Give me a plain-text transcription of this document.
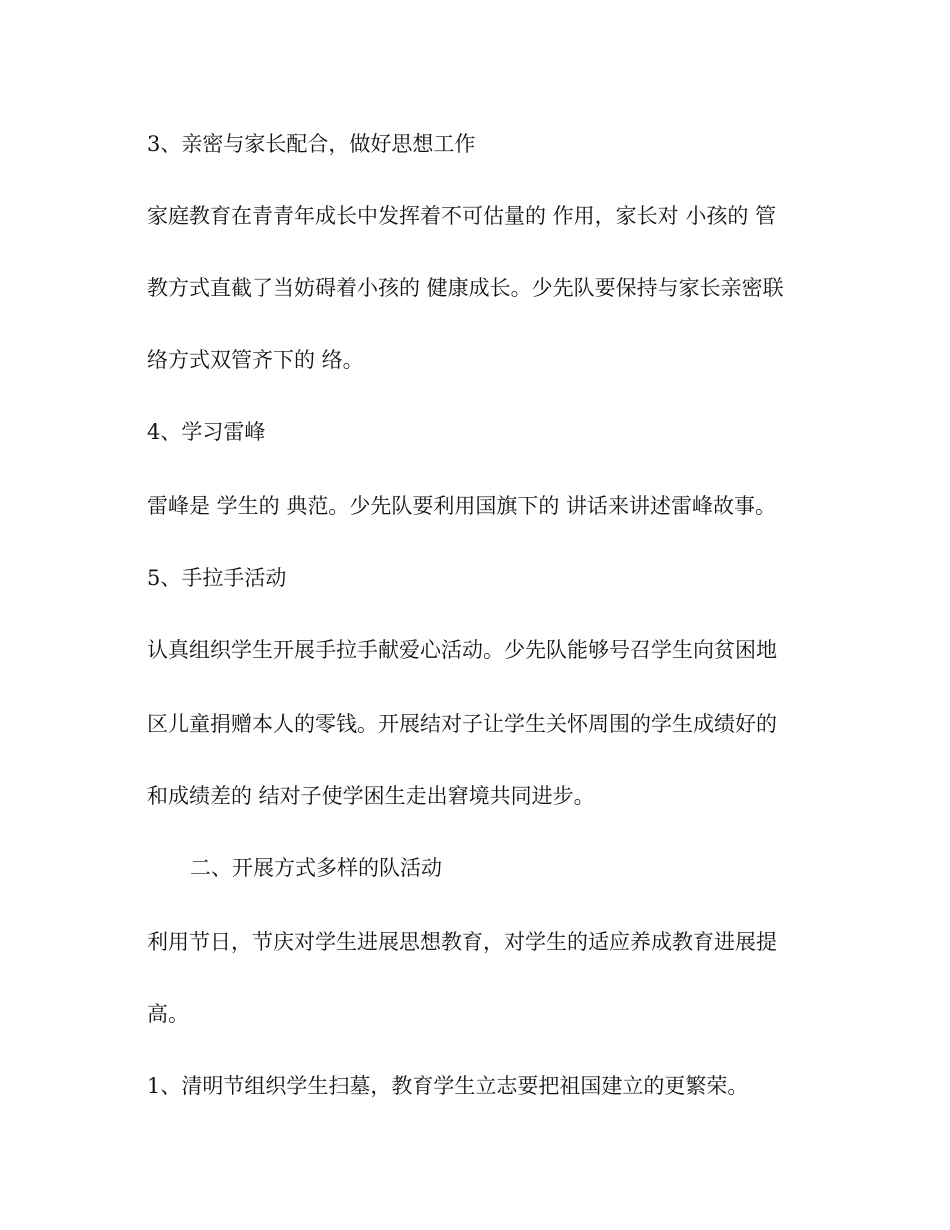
3、亲密与家长配合，做好思想工作
家庭教育在青青年成长中发挥着不可估量的 作用，家长对 小孩的 管
教方式直截了当妨碍着小孩的 健康成长。少先队要保持与家长亲密联
络方式双管齐下的 络。
4、学习雷峰
雷峰是 学生的 典范。少先队要利用国旗下的 讲话来讲述雷峰故事。
5、手拉手活动
认真组织学生开展手拉手献爱心活动。少先队能够号召学生向贫困地
区儿童捐赠本人的零钱。开展结对子让学生关怀周围的学生成绩好的
和成绩差的 结对子使学困生走出窘境共同进步。
二、开展方式多样的队活动
利用节日，节庆对学生进展思想教育，对学生的适应养成教育进展提
高。
1、清明节组织学生扫墓，教育学生立志要把祖国建立的更繁荣。
